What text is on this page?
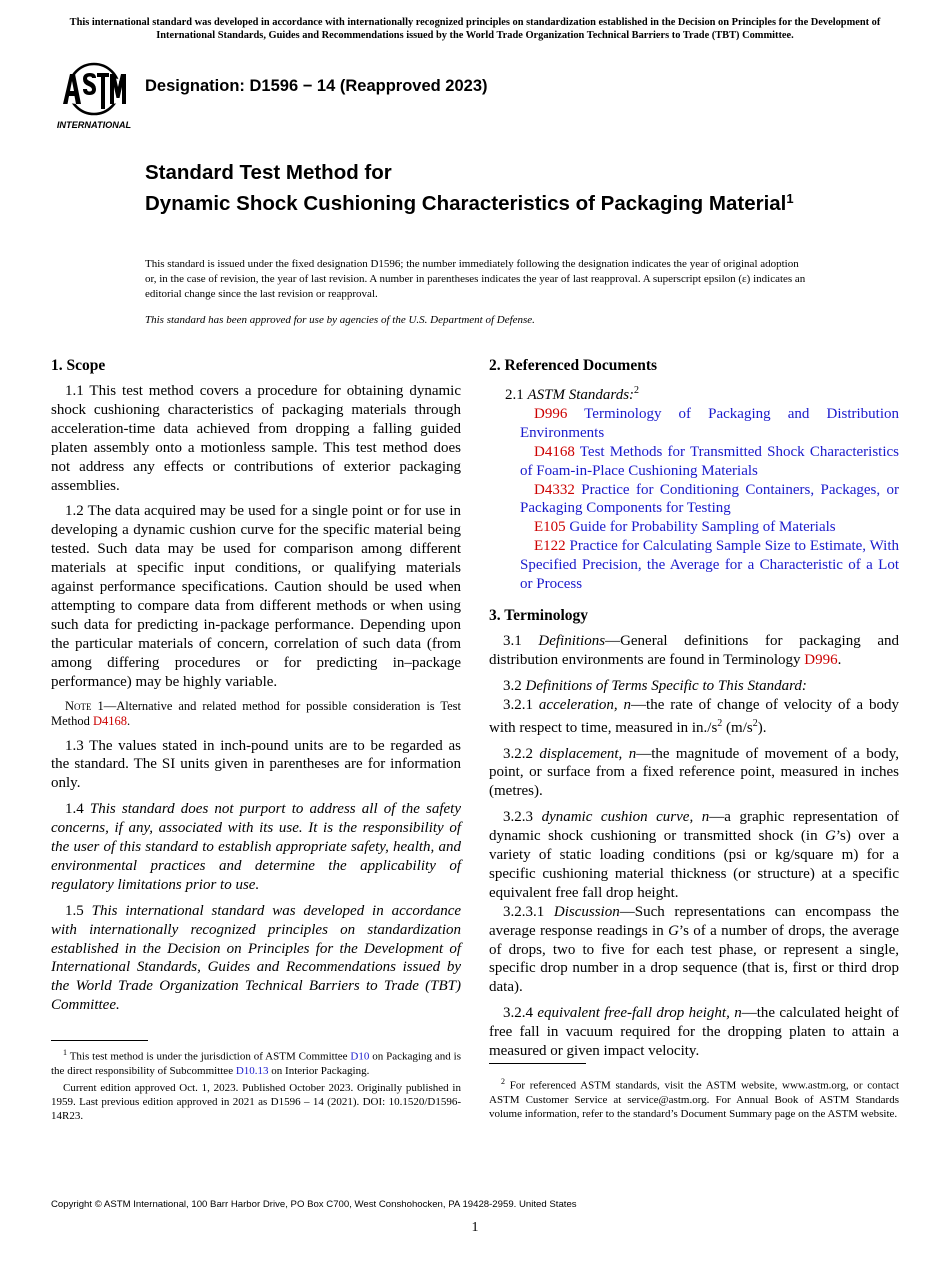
This international standard was developed in accordance with internationally recognized principles on standardization established in the Decision on Principles for the Development of International Standards, Guides and Recommendations issued by the World Trade Organization Technical Barriers to Trade (TBT) Committee.
INTERNATIONAL
Designation: D1596 − 14 (Reapproved 2023)
Standard Test Method for
Dynamic Shock Cushioning Characteristics of Packaging Material$^1$
This standard is issued under the fixed designation D1596; the number immediately following the designation indicates the year of original adoption or, in the case of revision, the year of last revision. A number in parentheses indicates the year of last reapproval. A superscript epsilon (ε) indicates an editorial change since the last revision or reapproval.
This standard has been approved for use by agencies of the U.S. Department of Defense.
1. Scope

1.1 This test method covers a procedure for obtaining dynamic shock cushioning characteristics of packaging materials through acceleration-time data achieved from dropping a falling guided platen assembly onto a motionless sample. This test method does not address any effects or contributions of exterior packaging assemblies.

1.2 The data acquired may be used for a single point or for use in developing a dynamic cushion curve for the specific material being tested. Such data may be used for comparison among different materials at specific input conditions, or qualifying materials against performance specifications. Caution should be used when attempting to compare data from different methods or when using such data for predicting in-package performance. Depending upon the particular materials of concern, correlation of such data (from among differing procedures or for predicting in–package performance) may be highly variable.

Note 1—Alternative and related method for possible consideration is Test Method D4168.

1.3 The values stated in inch-pound units are to be regarded as the standard. The SI units given in parentheses are for information only.

1.4 This standard does not purport to address all of the safety concerns, if any, associated with its use. It is the responsibility of the user of this standard to establish appropriate safety, health, and environmental practices and determine the applicability of regulatory limitations prior to use.

1.5 This international standard was developed in accordance with internationally recognized principles on standardization established in the Decision on Principles for the Development of International Standards, Guides and Recommendations issued by the World Trade Organization Technical Barriers to Trade (TBT) Committee.

2. Referenced Documents

2.1 ASTM Standards:$^2$

D996 Terminology of Packaging and Distribution Environments

D4168 Test Methods for Transmitted Shock Characteristics of Foam-in-Place Cushioning Materials

D4332 Practice for Conditioning Containers, Packages, or Packaging Components for Testing

E105 Guide for Probability Sampling of Materials

E122 Practice for Calculating Sample Size to Estimate, With Specified Precision, the Average for a Characteristic of a Lot or Process

3. Terminology

3.1 Definitions—General definitions for packaging and distribution environments are found in Terminology D996.

3.2 Definitions of Terms Specific to This Standard:

3.2.1 acceleration, n—the rate of change of velocity of a body with respect to time, measured in $in./s^2$ $(m/s^2)$.

3.2.2 displacement, n—the magnitude of movement of a body, point, or surface from a fixed reference point, measured in inches (metres).

3.2.3 dynamic cushion curve, n—a graphic representation of dynamic shock cushioning or transmitted shock (in G’s) over a variety of static loading conditions (psi or kg/square m) for a specific cushioning material thickness (or structure) at a specific equivalent free fall drop height.

3.2.3.1 Discussion—Such representations can encompass the average response readings in G’s of a number of drops, the average of drops, two to five for each test phase, or represent a single, specific drop number in a drop sequence (that is, first or third drop data).

3.2.4 equivalent free-fall drop height, n—the calculated height of free fall in vacuum required for the dropping platen to attain a measured or given impact velocity.

$^1$ This test method is under the jurisdiction of ASTM Committee D10 on Packaging and is the direct responsibility of Subcommittee D10.13 on Interior Packaging.

Current edition approved Oct. 1, 2023. Published October 2023. Originally published in 1959. Last previous edition approved in 2021 as D1596 – 14 (2021). DOI: 10.1520/D1596-14R23.

$^2$ For referenced ASTM standards, visit the ASTM website, www.astm.org, or contact ASTM Customer Service at service@astm.org. For Annual Book of ASTM Standards volume information, refer to the standard’s Document Summary page on the ASTM website.

Copyright © ASTM International, 100 Barr Harbor Drive, PO Box C700, West Conshohocken, PA 19428-2959. United States
1
